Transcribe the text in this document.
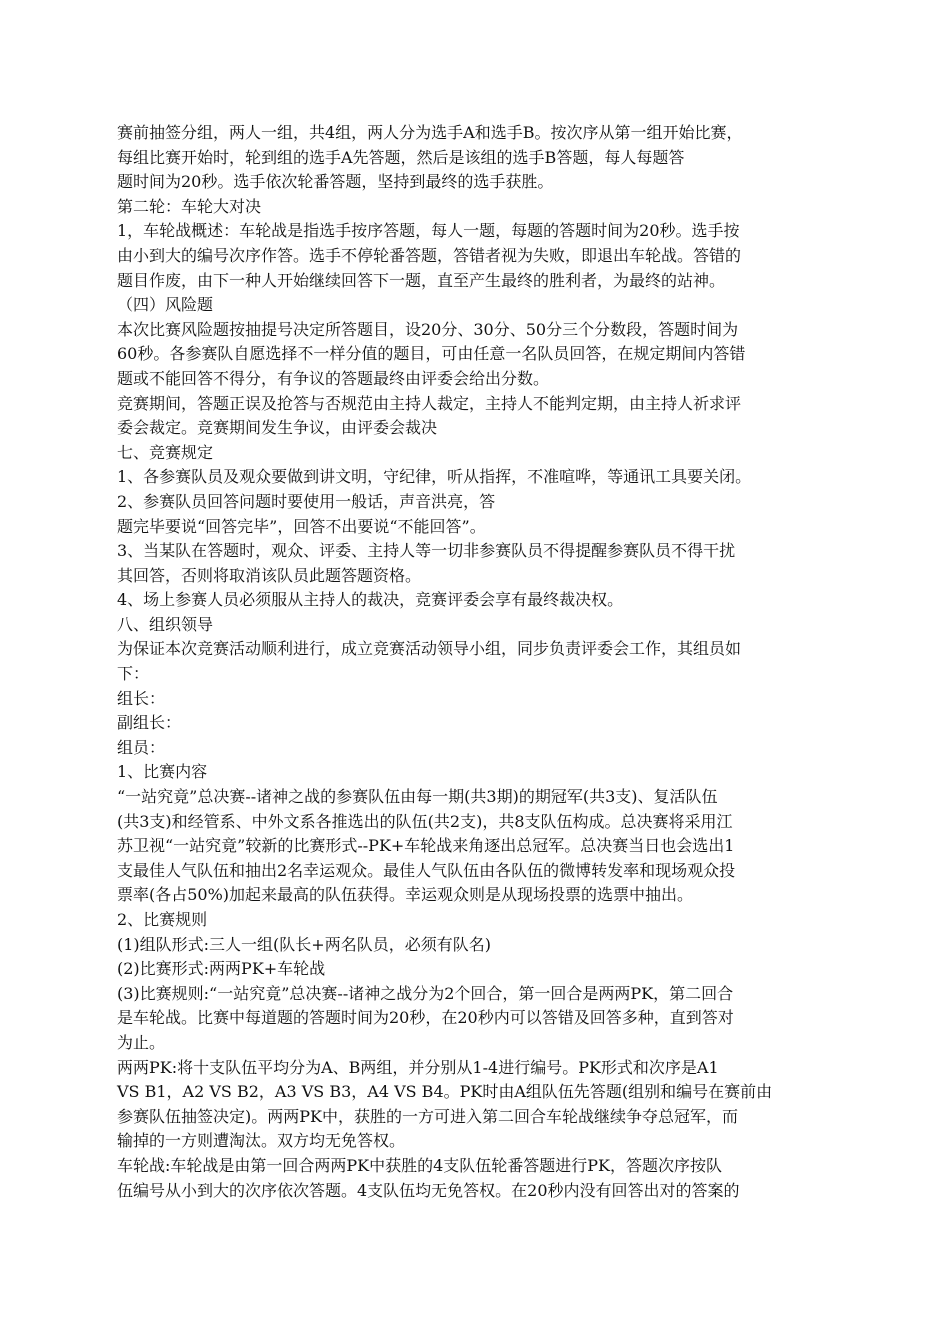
赛前抽签分组，两人一组，共4组，两人分为选手A和选手B。按次序从第一组开始比赛，
每组比赛开始时，轮到组的选手A先答题，然后是该组的选手B答题，每人每题答
题时间为20秒。选手依次轮番答题，坚持到最终的选手获胜。
第二轮：车轮大对决
1，车轮战概述：车轮战是指选手按序答题，每人一题，每题的答题时间为20秒。选手按
由小到大的编号次序作答。选手不停轮番答题，答错者视为失败，即退出车轮战。答错的
题目作废，由下一种人开始继续回答下一题，直至产生最终的胜利者，为最终的站神。
（四）风险题
本次比赛风险题按抽提号决定所答题目，设20分、30分、50分三个分数段，答题时间为
60秒。各参赛队自愿选择不一样分值的题目，可由任意一名队员回答，在规定期间内答错
题或不能回答不得分，有争议的答题最终由评委会给出分数。
竞赛期间，答题正误及抢答与否规范由主持人裁定，主持人不能判定期，由主持人祈求评
委会裁定。竞赛期间发生争议，由评委会裁决
七、竞赛规定
1、各参赛队员及观众要做到讲文明，守纪律，听从指挥，不准喧哗，等通讯工具要关闭。
2、参赛队员回答问题时要使用一般话，声音洪亮，答
题完毕要说“回答完毕”，回答不出要说“不能回答”。
3、当某队在答题时，观众、评委、主持人等一切非参赛队员不得提醒参赛队员不得干扰
其回答，否则将取消该队员此题答题资格。
4、场上参赛人员必须服从主持人的裁决，竞赛评委会享有最终裁决权。
八、组织领导
为保证本次竞赛活动顺利进行，成立竞赛活动领导小组，同步负责评委会工作，其组员如
下：
组长：
副组长：
组员：
1、比赛内容
“一站究竟”总决赛--诸神之战的参赛队伍由每一期(共3期)的期冠军(共3支)、复活队伍
(共3支)和经管系、中外文系各推选出的队伍(共2支)，共8支队伍构成。总决赛将采用江
苏卫视“一站究竟”较新的比赛形式--PK+车轮战来角逐出总冠军。总决赛当日也会选出1
支最佳人气队伍和抽出2名幸运观众。最佳人气队伍由各队伍的微博转发率和现场观众投
票率(各占50%)加起来最高的队伍获得。幸运观众则是从现场投票的选票中抽出。
2、比赛规则
(1)组队形式:三人一组(队长+两名队员，必须有队名)
(2)比赛形式:两两PK+车轮战
(3)比赛规则:“一站究竟”总决赛--诸神之战分为2个回合，第一回合是两两PK，第二回合
是车轮战。比赛中每道题的答题时间为20秒，在20秒内可以答错及回答多种，直到答对
为止。
两两PK:将十支队伍平均分为A、B两组，并分别从1-4进行编号。PK形式和次序是A1
VS B1，A2 VS B2，A3 VS B3，A4 VS B4。PK时由A组队伍先答题(组别和编号在赛前由
参赛队伍抽签决定)。两两PK中，获胜的一方可进入第二回合车轮战继续争夺总冠军，而
输掉的一方则遭淘汰。双方均无免答权。
车轮战:车轮战是由第一回合两两PK中获胜的4支队伍轮番答题进行PK，答题次序按队
伍编号从小到大的次序依次答题。4支队伍均无免答权。在20秒内没有回答出对的答案的
